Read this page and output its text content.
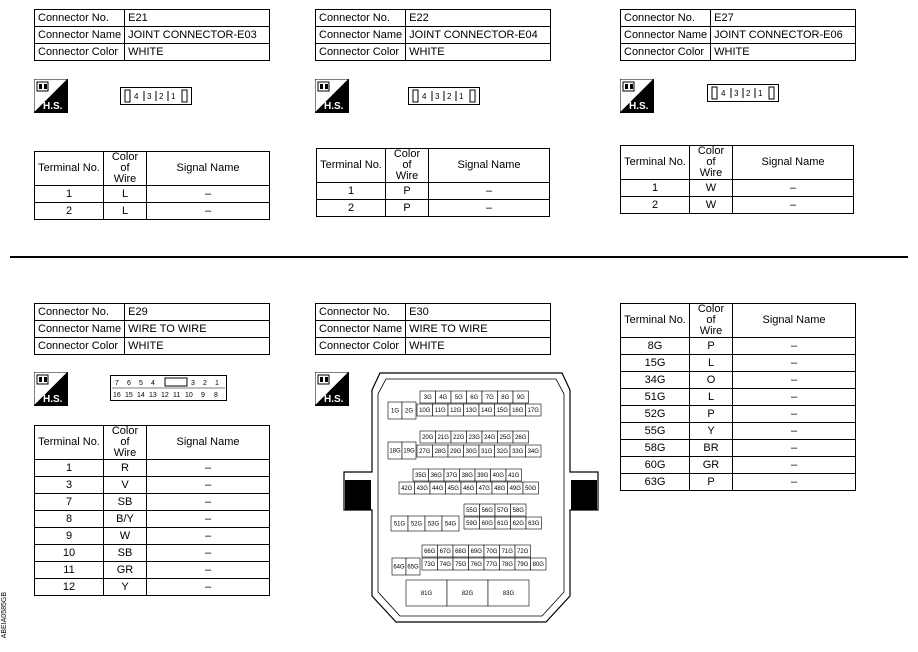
Connector No.	E21
Connector Name	JOINT CONNECTOR-E03
Connector Color	WHITE
H.S.
4 3 2 1
Terminal No.	Color of
Wire	Signal Name
1	L	–
2	L	–
Connector No.	E22
Connector Name	JOINT CONNECTOR-E04
Connector Color	WHITE
H.S.
4 3 2 1
Terminal No.	Color of
Wire	Signal Name
1	P	–
2	P	–
Connector No.	E27
Connector Name	JOINT CONNECTOR-E06
Connector Color	WHITE
H.S.
4 3 2 1
Terminal No.	Color of
Wire	Signal Name
1	W	–
2	W	–
Connector No.	E29
Connector Name	WIRE TO WIRE
Connector Color	WHITE
H.S.
7 6 5 4	3 2 1
16 15 14 13 12 11 10 9 8
Terminal No.	Color of
Wire	Signal Name
1	R	–
3	V	–
7	SB	–
8	B/Y	–
9	W	–
10	SB	–
11	GR	–
12	Y	–
Connector No.	E30
Connector Name	WIRE TO WIRE
Connector Color	WHITE
H.S.
1G 2G
3G 4G 5G 6G 7G 8G 9G
10G 11G 12G 13G 14G 15G 16G 17G
18G 19G
20G 21G 22G 23G 24G 25G 26G
27G 28G 29G 30G 31G 32G 33G 34G
35G 36G 37G 38G 39G 40G 41G
42G 43G 44G 45G 46G 47G 48G 49G 50G
51G 52G 53G 54G
55G 56G 57G 58G
59G 60G 61G 62G 63G
64G 65G
66G 67G 68G 69G 70G 71G 72G
73G 74G 75G 76G 77G 78G 79G 80G
81G	82G	83G
Terminal No.	Color of
Wire	Signal Name
8G	P	–
15G	L	–
34G	O	–
51G	L	–
52G	P	–
55G	Y	–
58G	BR	–
60G	GR	–
63G	P	–
ABEIA0585GB
